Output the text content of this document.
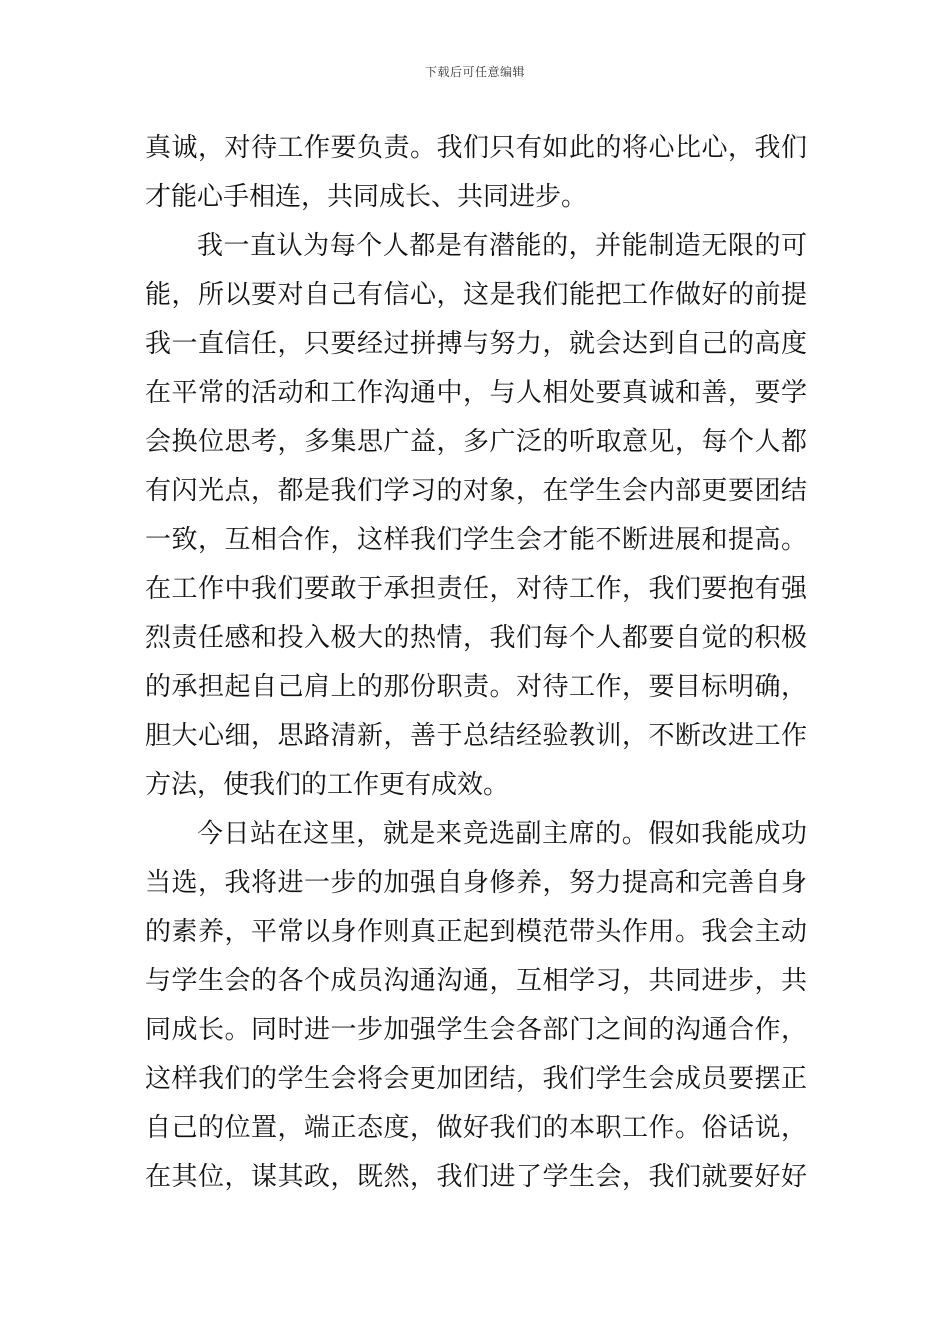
下载后可任意编辑
真诚，对待工作要负责。我们只有如此的将心比心，我们
才能心手相连，共同成长、共同进步。
我一直认为每个人都是有潜能的，并能制造无限的可
能，所以要对自己有信心，这是我们能把工作做好的前提
我一直信任，只要经过拼搏与努力，就会达到自己的高度
在平常的活动和工作沟通中，与人相处要真诚和善，要学
会换位思考，多集思广益，多广泛的听取意见，每个人都
有闪光点，都是我们学习的对象，在学生会内部更要团结
一致，互相合作，这样我们学生会才能不断进展和提高。
在工作中我们要敢于承担责任，对待工作，我们要抱有强
烈责任感和投入极大的热情，我们每个人都要自觉的积极
的承担起自己肩上的那份职责。对待工作，要目标明确，
胆大心细，思路清新，善于总结经验教训，不断改进工作
方法，使我们的工作更有成效。
今日站在这里，就是来竞选副主席的。假如我能成功
当选，我将进一步的加强自身修养，努力提高和完善自身
的素养，平常以身作则真正起到模范带头作用。我会主动
与学生会的各个成员沟通沟通，互相学习，共同进步，共
同成长。同时进一步加强学生会各部门之间的沟通合作，
这样我们的学生会将会更加团结，我们学生会成员要摆正
自己的位置，端正态度，做好我们的本职工作。俗话说，
在其位，谋其政，既然，我们进了学生会，我们就要好好
